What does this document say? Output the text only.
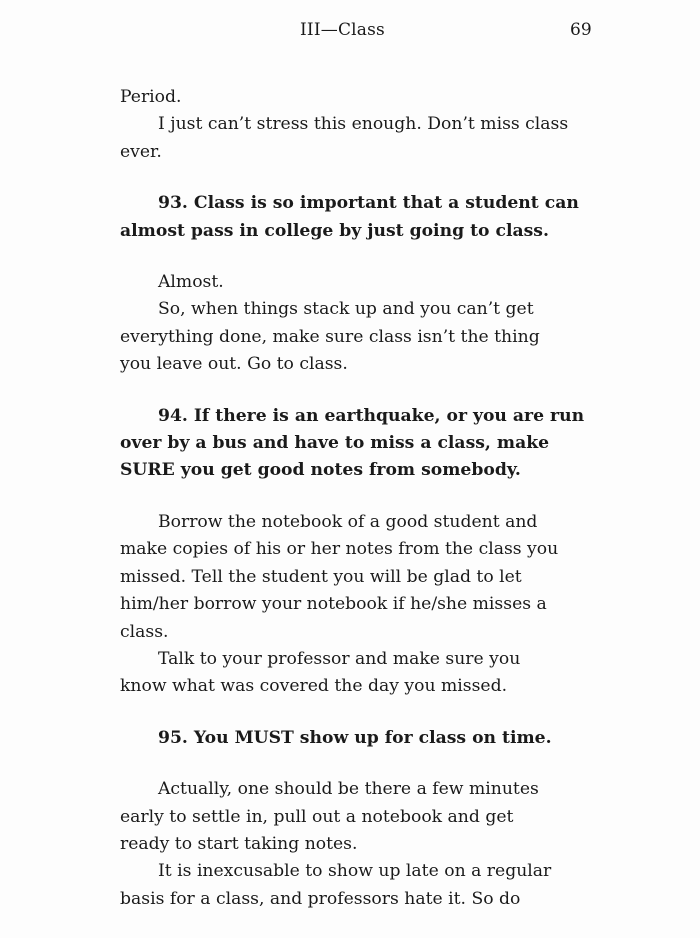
III—Class	69

Period.

I just can’t stress this enough. Don’t miss class

ever.

93. Class is so important that a student can

almost pass in college by just going to class.

Almost.

So, when things stack up and you can’t get

everything done, make sure class isn’t the thing

you leave out. Go to class.

94. If there is an earthquake, or you are run

over by a bus and have to miss a class, make

SURE you get good notes from somebody.

Borrow the notebook of a good student and

make copies of his or her notes from the class you

missed. Tell the student you will be glad to let

him/her borrow your notebook if he/she misses a

class.

Talk to your professor and make sure you

know what was covered the day you missed.

95. You MUST show up for class on time.

Actually, one should be there a few minutes

early to settle in, pull out a notebook and get

ready to start taking notes.

It is inexcusable to show up late on a regular

basis for a class, and professors hate it. So do
